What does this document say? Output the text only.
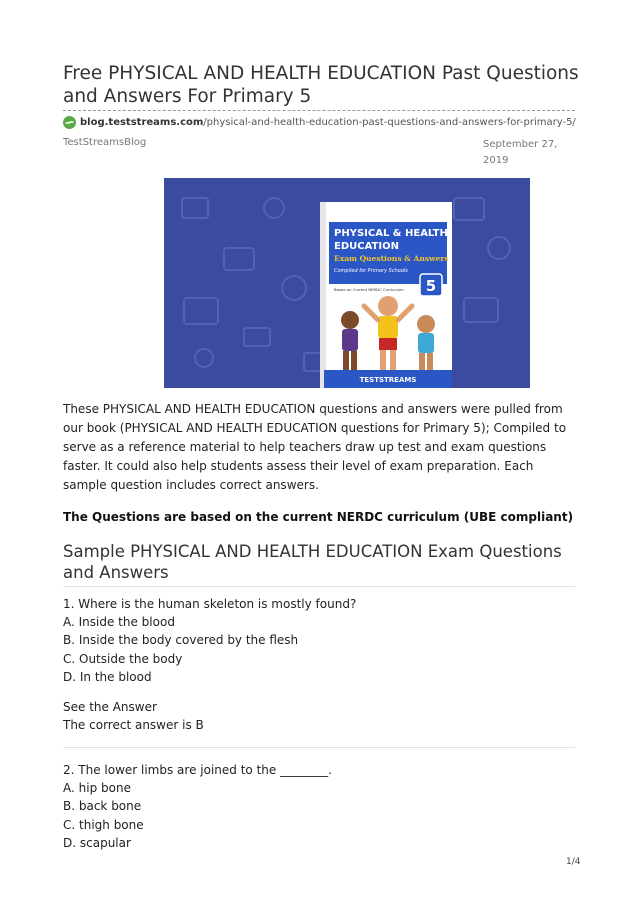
Free PHYSICAL AND HEALTH EDUCATION Past Questions and Answers For Primary 5
blog.teststreams.com /physical-and-health-education-past-questions-and-answers-for-primary-5/
TestStreamsBlog	September 27, 2019
PHYSICAL & HEALTH
EDUCATION
Exam Questions & Answers
Compiled for Primary Schools
5
Based on Current NERDC Curriculum
TESTSTREAMS

These PHYSICAL AND HEALTH EDUCATION questions and answers were pulled from our book (PHYSICAL AND HEALTH EDUCATION questions for Primary 5); Compiled to serve as a reference material to help teachers draw up test and exam questions faster. It could also help students assess their level of exam preparation. Each sample question includes correct answers.

The Questions are based on the current NERDC curriculum (UBE compliant)
Sample PHYSICAL AND HEALTH EDUCATION Exam Questions and Answers
1. Where is the human skeleton is mostly found?
A. Inside the blood
B. Inside the body covered by the flesh
C. Outside the body
D. In the blood
See the Answer
The correct answer is B
2. The lower limbs are joined to the ________.
A. hip bone
B. back bone
C. thigh bone
D. scapular
1/4
